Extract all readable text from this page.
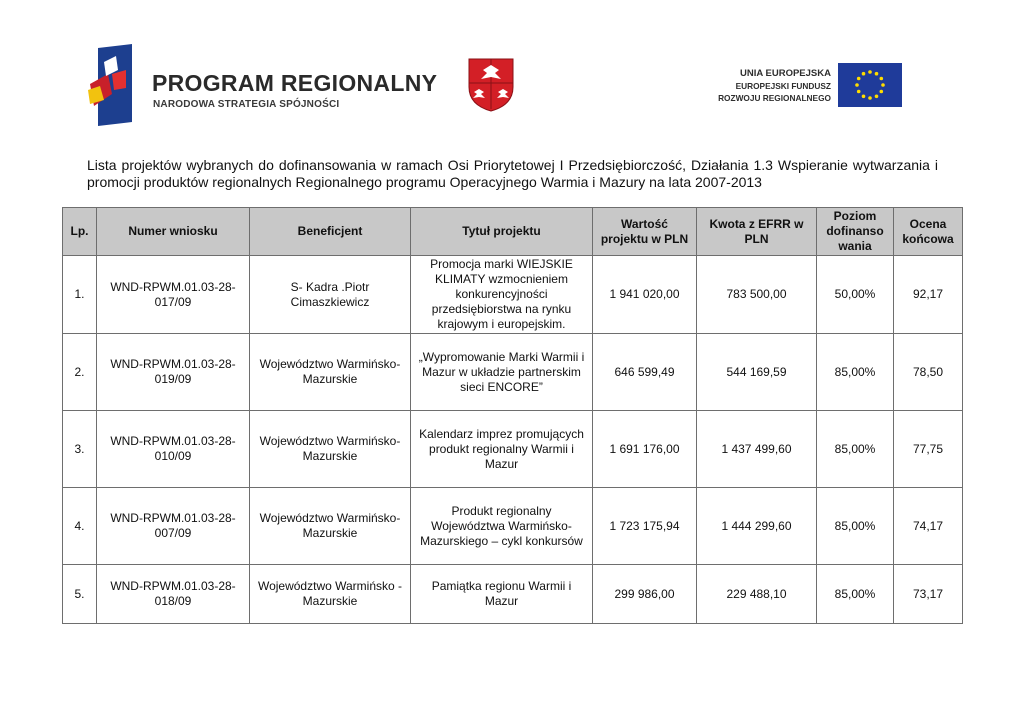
PROGRAM REGIONALNY
NARODOWA STRATEGIA SPÓJNOŚCI
UNIA EUROPEJSKA
EUROPEJSKI FUNDUSZ
ROZWOJU REGIONALNEGO
Lista projektów wybranych do dofinansowania w ramach Osi Priorytetowej I Przedsiębiorczość, Działania 1.3 Wspieranie wytwarzania i promocji produktów regionalnych Regionalnego programu Operacyjnego Warmia i Mazury na lata 2007-2013
Lp.	Numer wniosku	Beneficjent	Tytuł projektu	Wartość projektu w PLN	Kwota z EFRR w PLN	Poziom dofinanso wania	Ocena końcowa
1.	WND-RPWM.01.03-28-017/09	S- Kadra .Piotr Cimaszkiewicz	Promocja marki WIEJSKIE KLIMATY wzmocnieniem konkurencyjności przedsiębiorstwa na rynku krajowym i europejskim.	1 941 020,00	783 500,00	50,00%	92,17
2.	WND-RPWM.01.03-28-019/09	Województwo Warmińsko-Mazurskie	„Wypromowanie Marki Warmii i Mazur w układzie partnerskim sieci ENCORE”	646 599,49	544 169,59	85,00%	78,50
3.	WND-RPWM.01.03-28-010/09	Województwo Warmińsko-Mazurskie	Kalendarz imprez promujących produkt regionalny Warmii i Mazur	1 691 176,00	1 437 499,60	85,00%	77,75
4.	WND-RPWM.01.03-28-007/09	Województwo Warmińsko-Mazurskie	Produkt regionalny Województwa Warmińsko-Mazurskiego – cykl konkursów	1 723 175,94	1 444 299,60	85,00%	74,17
5.	WND-RPWM.01.03-28-018/09	Województwo Warmińsko - Mazurskie	Pamiątka regionu Warmii i Mazur	299 986,00	229 488,10	85,00%	73,17
